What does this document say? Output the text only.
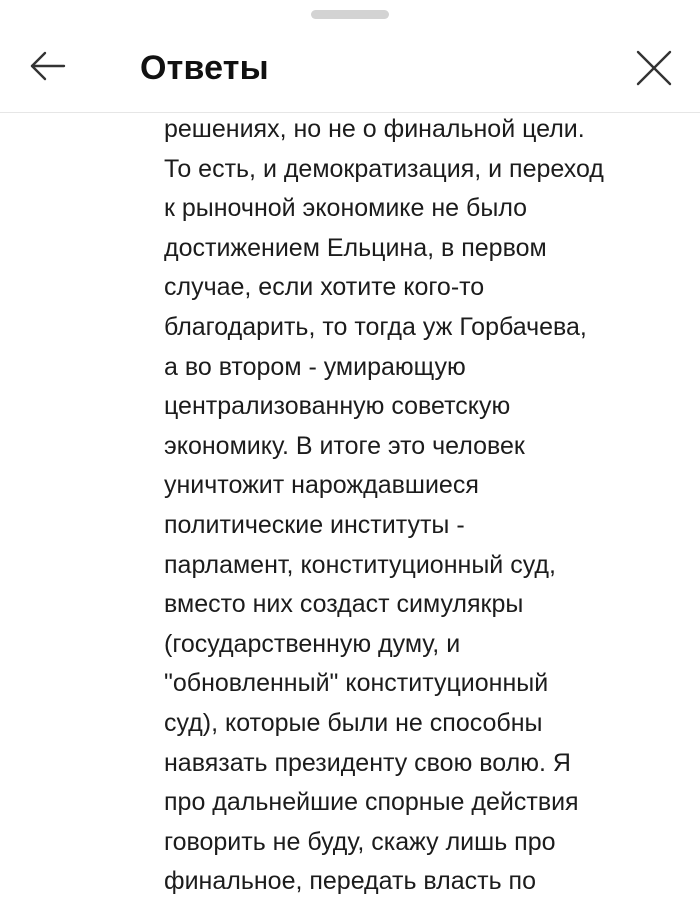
решениях, но не о финальной цели.
То есть, и демократизация, и переход
к рыночной экономике не было
достижением Ельцина, в первом
случае, если хотите кого-то
благодарить, то тогда уж Горбачева,
а во втором - умирающую
централизованную советскую
экономику. В итоге это человек
уничтожит нарождавшиеся
политические институты -
парламент, конституционный суд,
вместо них создаст симулякры
(государственную думу, и
"обновленный" конституционный
суд), которые были не способны
навязать президенту свою волю. Я
про дальнейшие спорные действия
говорить не буду, скажу лишь про
финальное, передать власть по
Ответы
